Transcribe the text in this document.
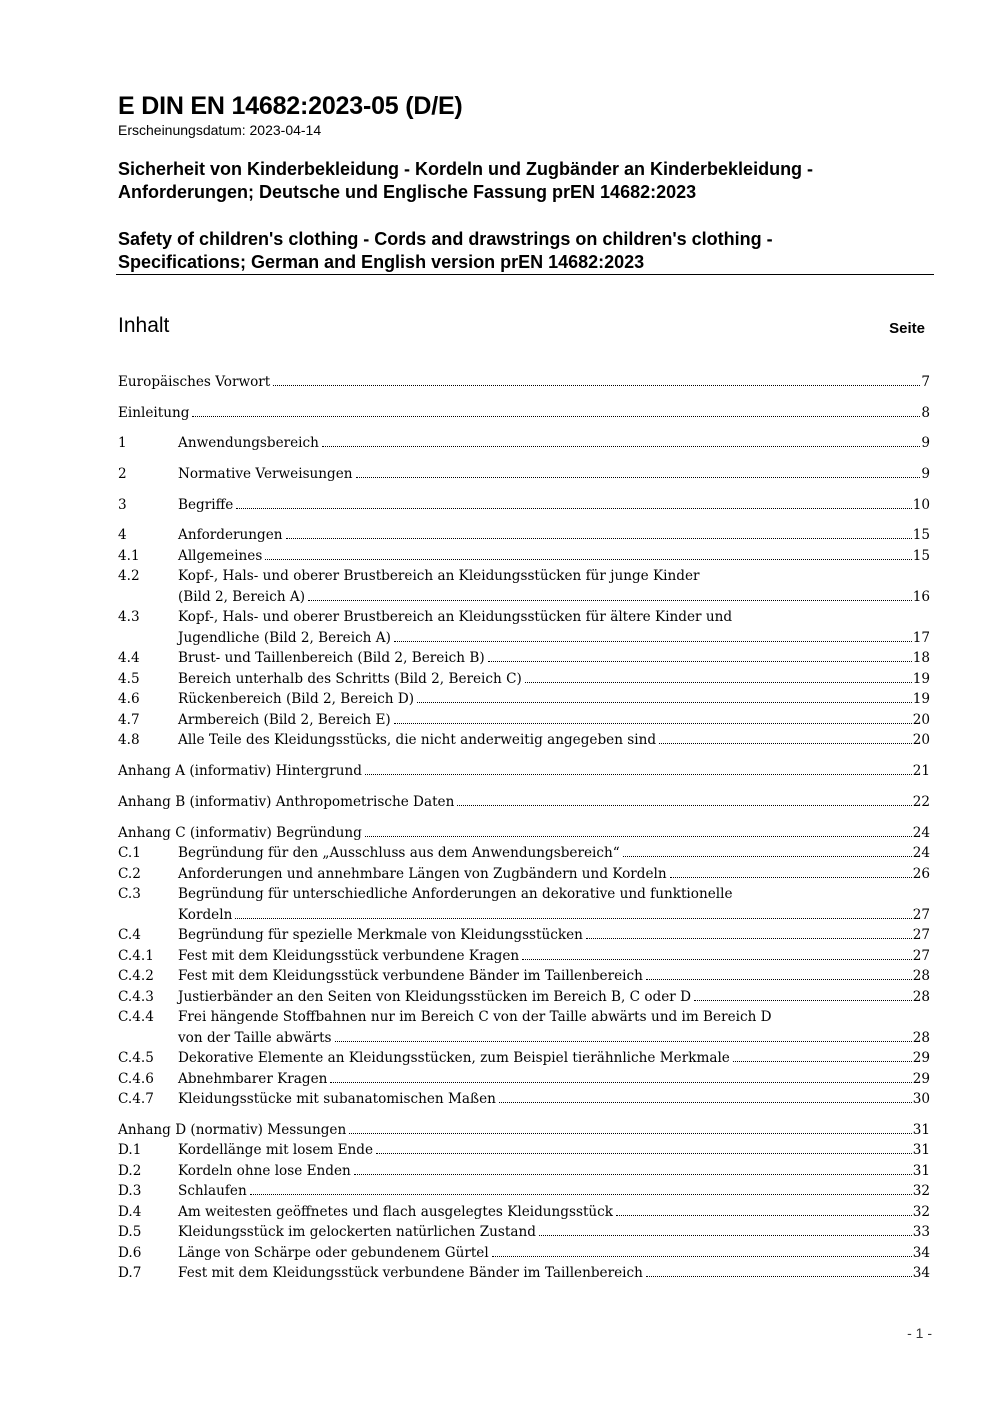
E DIN EN 14682:2023-05 (D/E)
Erscheinungsdatum: 2023-04-14
Sicherheit von Kinderbekleidung - Kordeln und Zugbänder an Kinderbekleidung -
Anforderungen; Deutsche und Englische Fassung prEN 14682:2023
Safety of children's clothing - Cords and drawstrings on children's clothing -
Specifications; German and English version prEN 14682:2023
Inhalt	Seite
Europäisches Vorwort	7
Einleitung	8
1	Anwendungsbereich	9
2	Normative Verweisungen	9
3	Begriffe	10
4	Anforderungen	15
4.1	Allgemeines	15
4.2	Kopf-, Hals- und oberer Brustbereich an Kleidungsstücken für junge Kinder
(Bild 2, Bereich A)	16
4.3	Kopf-, Hals- und oberer Brustbereich an Kleidungsstücken für ältere Kinder und
Jugendliche (Bild 2, Bereich A)	17
4.4	Brust- und Taillenbereich (Bild 2, Bereich B)	18
4.5	Bereich unterhalb des Schritts (Bild 2, Bereich C)	19
4.6	Rückenbereich (Bild 2, Bereich D)	19
4.7	Armbereich (Bild 2, Bereich E)	20
4.8	Alle Teile des Kleidungsstücks, die nicht anderweitig angegeben sind	20
Anhang A (informativ) Hintergrund	21
Anhang B (informativ) Anthropometrische Daten	22
Anhang C (informativ) Begründung	24
C.1	Begründung für den „Ausschluss aus dem Anwendungsbereich“	24
C.2	Anforderungen und annehmbare Längen von Zugbändern und Kordeln	26
C.3	Begründung für unterschiedliche Anforderungen an dekorative und funktionelle
Kordeln	27
C.4	Begründung für spezielle Merkmale von Kleidungsstücken	27
C.4.1 Fest mit dem Kleidungsstück verbundene Kragen	27
C.4.2 Fest mit dem Kleidungsstück verbundene Bänder im Taillenbereich	28
C.4.3 Justierbänder an den Seiten von Kleidungsstücken im Bereich B, C oder D	28
C.4.4 Frei hängende Stoffbahnen nur im Bereich C von der Taille abwärts und im Bereich D
von der Taille abwärts	28
C.4.5 Dekorative Elemente an Kleidungsstücken, zum Beispiel tierähnliche Merkmale	29
C.4.6 Abnehmbarer Kragen	29
C.4.7 Kleidungsstücke mit subanatomischen Maßen	30
Anhang D (normativ) Messungen	31
D.1	Kordellänge mit losem Ende	31
D.2	Kordeln ohne lose Enden	31
D.3	Schlaufen	32
D.4	Am weitesten geöffnetes und flach ausgelegtes Kleidungsstück	32
D.5	Kleidungsstück im gelockerten natürlichen Zustand	33
D.6	Länge von Schärpe oder gebundenem Gürtel	34
D.7	Fest mit dem Kleidungsstück verbundene Bänder im Taillenbereich	34
- 1 -
